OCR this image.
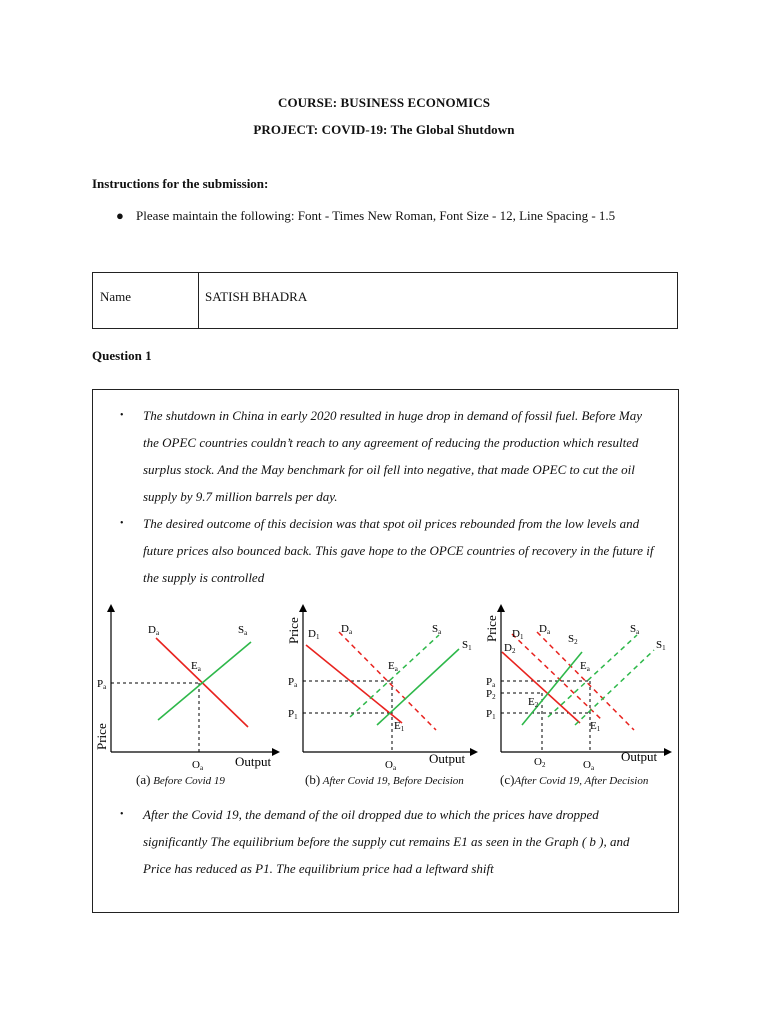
COURSE: BUSINESS ECONOMICS
PROJECT: COVID-19: The Global Shutdown
Instructions for the submission:
● Please maintain the following: Font - Times New Roman, Font Size - 12, Line Spacing - 1.5
Name	SATISH BHADRA
Question 1
•	The shutdown in China in early 2020 resulted in huge drop in demand of fossil fuel. Before May the OPEC countries couldn’t reach to any agreement of reducing the production which resulted surplus stock. And the May benchmark for oil fell into negative, that made OPEC to cut the oil supply by 9.7 million barrels per day.
•	The desired outcome of this decision was that spot oil prices rebounded from the low levels and future prices also bounced back. This gave hope to the OPCE countries of recovery in the future if the supply is controlled
Da	Sa
Ea
Pa
Oa Output
Price
(a) Before Covid 19
D1
Da	Sa
S1
Ea
E1
Pa
P1
Oa
Output
Price
(b) After Covid 19, Before Decision
D1
D2
Da
S2
Sa
S1
Ea
E2
E1
Pa
P2
P1
O2	Oa
Output
Price
(c)After Covid 19, After Decision
•	After the Covid 19, the demand of the oil dropped due to which the prices have dropped significantly The equilibrium before the supply cut remains E1 as seen in the Graph ( b ), and Price has reduced as P1. The equilibrium price had a leftward shift
